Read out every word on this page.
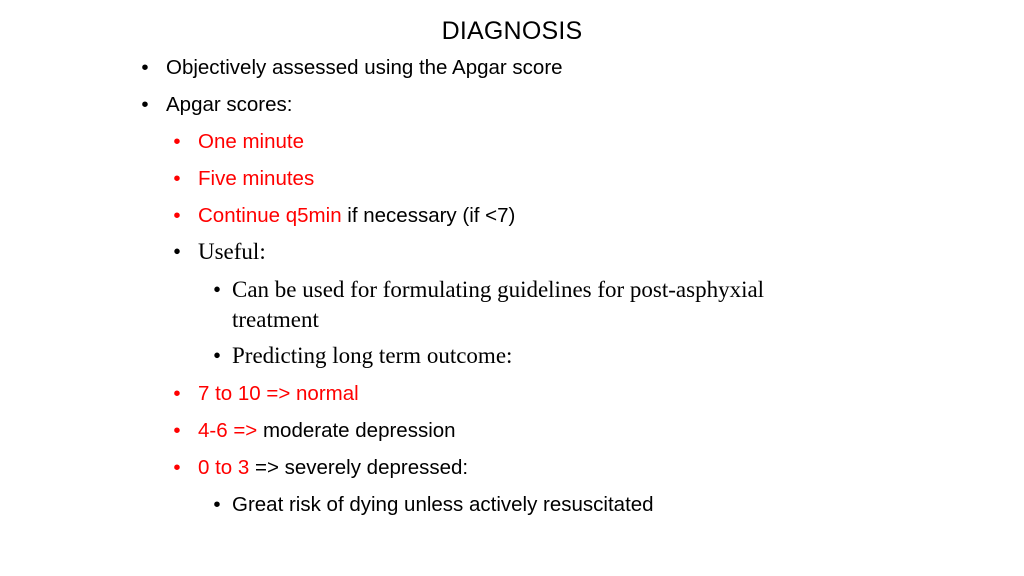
DIAGNOSIS
• Objectively assessed using the Apgar score
• Apgar scores:
• One minute
• Five minutes
• Continue q5min if necessary (if <7)
• Useful:
• Can be used for formulating guidelines for post-asphyxial treatment
• Predicting long term outcome:
• 7 to 10 => normal
• 4-6 => moderate depression
• 0 to 3 => severely depressed:
• Great risk of dying unless actively resuscitated
